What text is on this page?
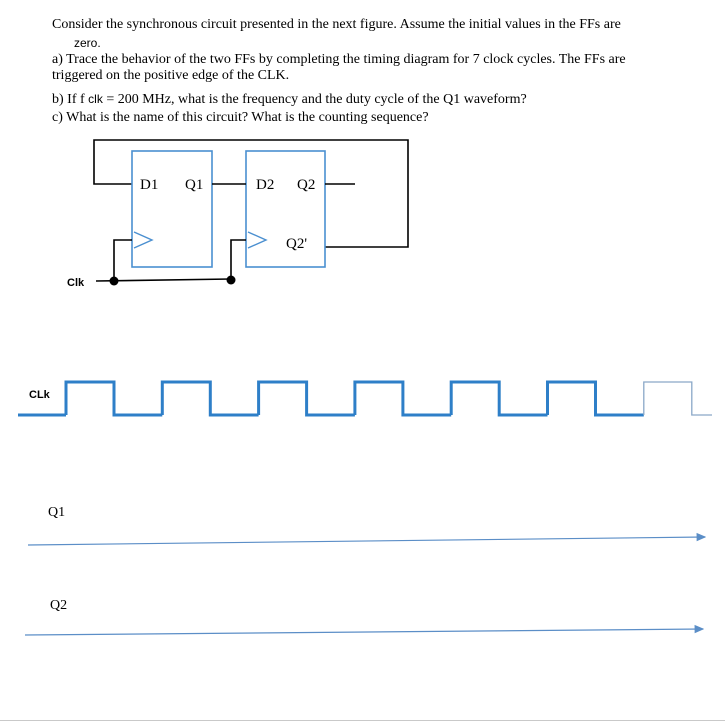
Consider the synchronous circuit presented in the next figure. Assume the initial values in the FFs are
zero.
a) Trace the behavior of the two FFs by completing the timing diagram for 7 clock cycles. The FFs are
triggered on the positive edge of the CLK.
b) If f clk = 200 MHz, what is the frequency and the duty cycle of the Q1 waveform?
c) What is the name of this circuit? What is the counting sequence?
D1 Q1	D2 Q2
Q2'
Clk
CLk
Q1
Q2
